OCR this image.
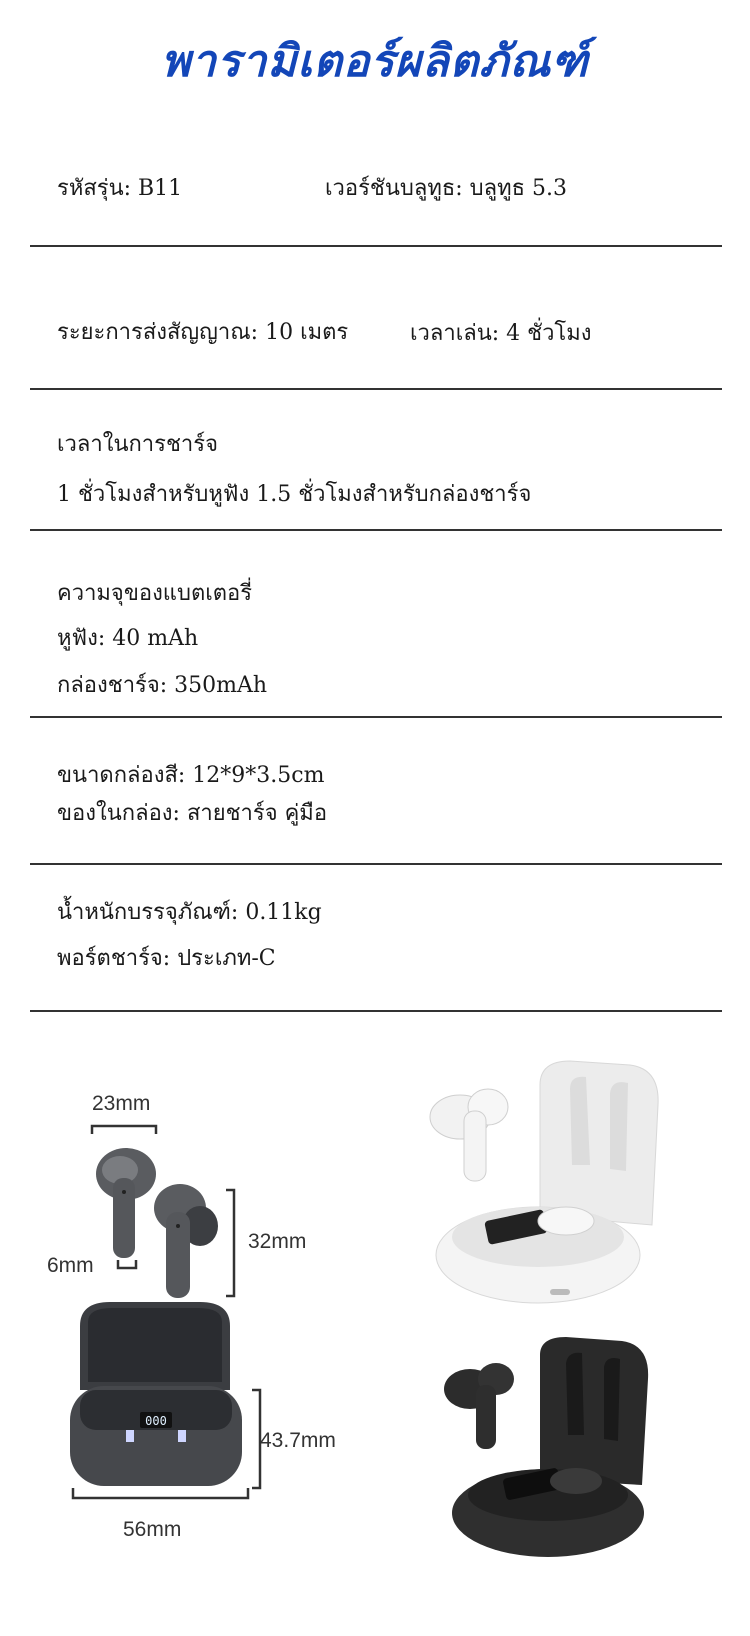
พารามิเตอร์ผลิตภัณฑ์
รหัสรุ่น: B11	เวอร์ชันบลูทูธ: บลูทูธ 5.3
ระยะการส่งสัญญาณ: 10 เมตร	เวลาเล่น: 4 ชั่วโมง
เวลาในการชาร์จ
1 ชั่วโมงสำหรับหูฟัง 1.5 ชั่วโมงสำหรับกล่องชาร์จ
ความจุของแบตเตอรี่
หูฟัง: 40 mAh
กล่องชาร์จ: 350mAh
ขนาดกล่องสี: 12*9*3.5cm
ของในกล่อง: สายชาร์จ คู่มือ
น้ำหนักบรรจุภัณฑ์: 0.11kg
พอร์ตชาร์จ: ประเภท-C
000
23mm
6mm
32mm
43.7mm
56mm
